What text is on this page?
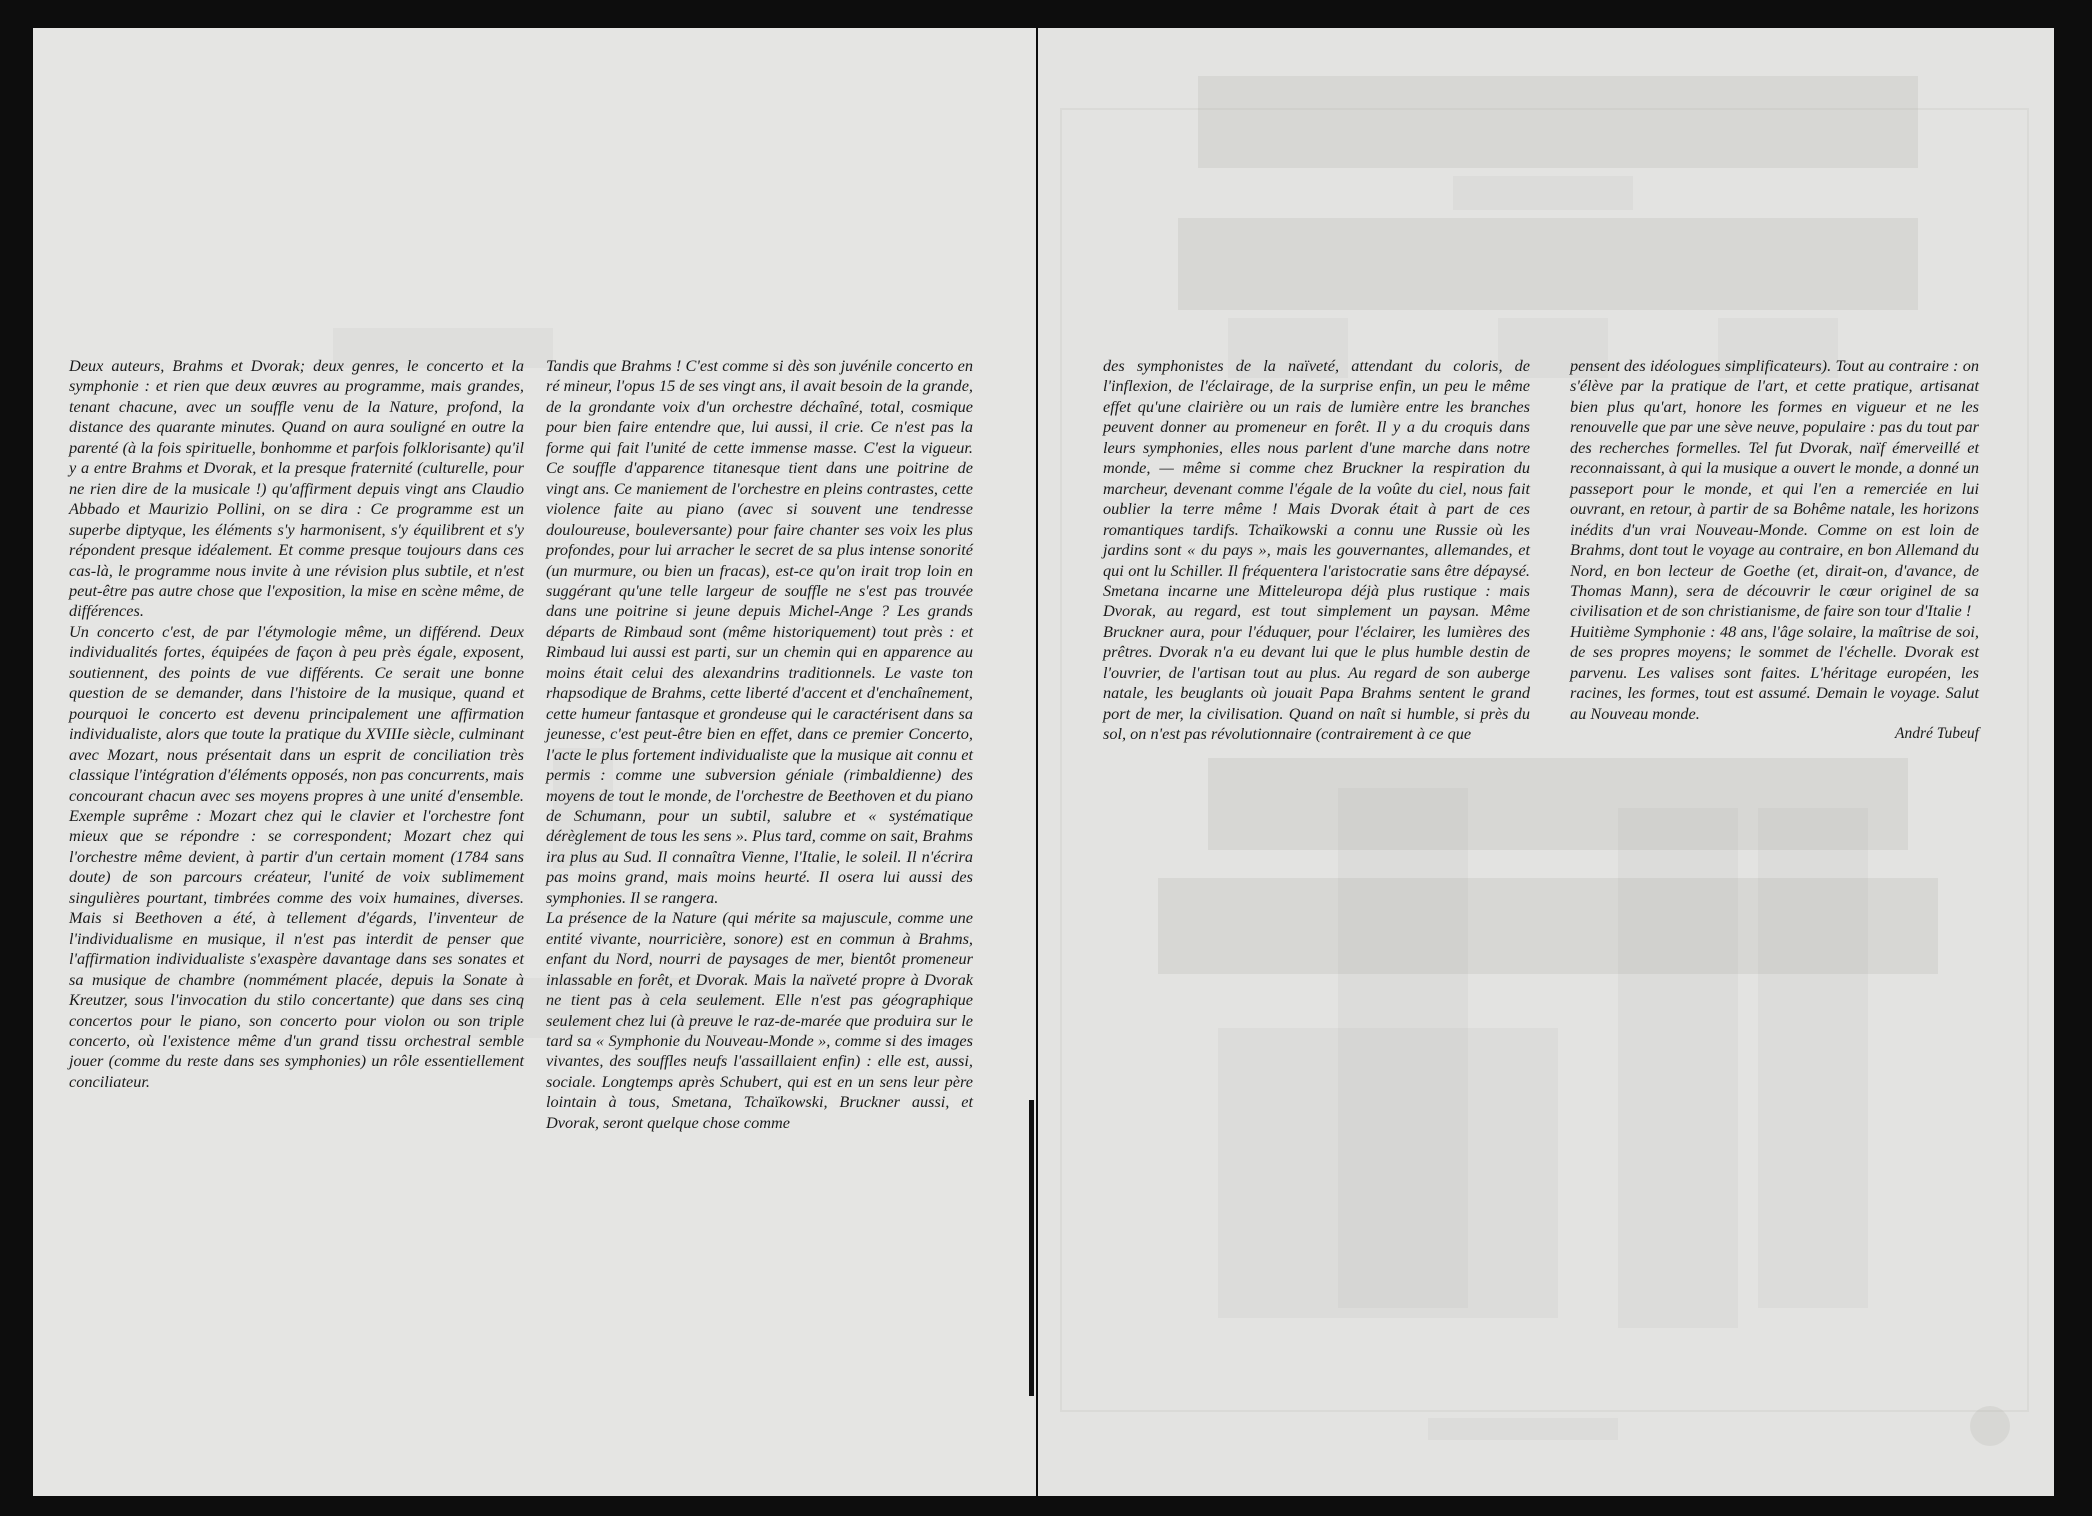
Deux auteurs, Brahms et Dvorak; deux genres, le concerto et la symphonie : et rien que deux œuvres au programme, mais grandes, tenant chacune, avec un souffle venu de la Nature, profond, la distance des quarante minutes. Quand on aura souligné en outre la parenté (à la fois spirituelle, bonhomme et parfois folklorisante) qu'il y a entre Brahms et Dvorak, et la presque fraternité (culturelle, pour ne rien dire de la musicale !) qu'affirment depuis vingt ans Claudio Abbado et Maurizio Pollini, on se dira : Ce programme est un superbe diptyque, les éléments s'y harmonisent, s'y équilibrent et s'y répondent presque idéalement. Et comme presque toujours dans ces cas-là, le programme nous invite à une révision plus subtile, et n'est peut-être pas autre chose que l'exposition, la mise en scène même, de différences.

Un concerto c'est, de par l'étymologie même, un différend. Deux individualités fortes, équipées de façon à peu près égale, exposent, soutiennent, des points de vue différents. Ce serait une bonne question de se demander, dans l'histoire de la musique, quand et pourquoi le concerto est devenu principalement une affirmation individualiste, alors que toute la pratique du XVIIIe siècle, culminant avec Mozart, nous présentait dans un esprit de conciliation très classique l'intégration d'éléments opposés, non pas concurrents, mais concourant chacun avec ses moyens propres à une unité d'ensemble. Exemple suprême : Mozart chez qui le clavier et l'orchestre font mieux que se répondre : se correspondent; Mozart chez qui l'orchestre même devient, à partir d'un certain moment (1784 sans doute) de son parcours créateur, l'unité de voix sublimement singulières pourtant, timbrées comme des voix humaines, diverses. Mais si Beethoven a été, à tellement d'égards, l'inventeur de l'individualisme en musique, il n'est pas interdit de penser que l'affirmation individualiste s'exaspère davantage dans ses sonates et sa musique de chambre (nommément placée, depuis la Sonate à Kreutzer, sous l'invocation du stilo concertante) que dans ses cinq concertos pour le piano, son concerto pour violon ou son triple concerto, où l'existence même d'un grand tissu orchestral semble jouer (comme du reste dans ses symphonies) un rôle essentiellement conciliateur.

Tandis que Brahms ! C'est comme si dès son juvénile concerto en ré mineur, l'opus 15 de ses vingt ans, il avait besoin de la grande, de la grondante voix d'un orchestre déchaîné, total, cosmique pour bien faire entendre que, lui aussi, il crie. Ce n'est pas la forme qui fait l'unité de cette immense masse. C'est la vigueur. Ce souffle d'apparence titanesque tient dans une poitrine de vingt ans. Ce maniement de l'orchestre en pleins contrastes, cette violence faite au piano (avec si souvent une tendresse douloureuse, bouleversante) pour faire chanter ses voix les plus profondes, pour lui arracher le secret de sa plus intense sonorité (un murmure, ou bien un fracas), est-ce qu'on irait trop loin en suggérant qu'une telle largeur de souffle ne s'est pas trouvée dans une poitrine si jeune depuis Michel-Ange ? Les grands départs de Rimbaud sont (même historiquement) tout près : et Rimbaud lui aussi est parti, sur un chemin qui en apparence au moins était celui des alexandrins traditionnels. Le vaste ton rhapsodique de Brahms, cette liberté d'accent et d'enchaînement, cette humeur fantasque et grondeuse qui le caractérisent dans sa jeunesse, c'est peut-être bien en effet, dans ce premier Concerto, l'acte le plus fortement individualiste que la musique ait connu et permis : comme une subversion géniale (rimbaldienne) des moyens de tout le monde, de l'orchestre de Beethoven et du piano de Schumann, pour un subtil, salubre et « systématique dérèglement de tous les sens ». Plus tard, comme on sait, Brahms ira plus au Sud. Il connaîtra Vienne, l'Italie, le soleil. Il n'écrira pas moins grand, mais moins heurté. Il osera lui aussi des symphonies. Il se rangera.

La présence de la Nature (qui mérite sa majuscule, comme une entité vivante, nourricière, sonore) est en commun à Brahms, enfant du Nord, nourri de paysages de mer, bientôt promeneur inlassable en forêt, et Dvorak. Mais la naïveté propre à Dvorak ne tient pas à cela seulement. Elle n'est pas géographique seulement chez lui (à preuve le raz-de-marée que produira sur le tard sa « Symphonie du Nouveau-Monde », comme si des images vivantes, des souffles neufs l'assaillaient enfin) : elle est, aussi, sociale. Longtemps après Schubert, qui est en un sens leur père lointain à tous, Smetana, Tchaïkowski, Bruckner aussi, et Dvorak, seront quelque chose comme

des symphonistes de la naïveté, attendant du coloris, de l'inflexion, de l'éclairage, de la surprise enfin, un peu le même effet qu'une clairière ou un rais de lumière entre les branches peuvent donner au promeneur en forêt. Il y a du croquis dans leurs symphonies, elles nous parlent d'une marche dans notre monde, — même si comme chez Bruckner la respiration du marcheur, devenant comme l'égale de la voûte du ciel, nous fait oublier la terre même ! Mais Dvorak était à part de ces romantiques tardifs. Tchaïkowski a connu une Russie où les jardins sont « du pays », mais les gouvernantes, allemandes, et qui ont lu Schiller. Il fréquentera l'aristocratie sans être dépaysé. Smetana incarne une Mitteleuropa déjà plus rustique : mais Dvorak, au regard, est tout simplement un paysan. Même Bruckner aura, pour l'éduquer, pour l'éclairer, les lumières des prêtres. Dvorak n'a eu devant lui que le plus humble destin de l'ouvrier, de l'artisan tout au plus. Au regard de son auberge natale, les beuglants où jouait Papa Brahms sentent le grand port de mer, la civilisation. Quand on naît si humble, si près du sol, on n'est pas révolutionnaire (contrairement à ce que

pensent des idéologues simplificateurs). Tout au contraire : on s'élève par la pratique de l'art, et cette pratique, artisanat bien plus qu'art, honore les formes en vigueur et ne les renouvelle que par une sève neuve, populaire : pas du tout par des recherches formelles. Tel fut Dvorak, naïf émerveillé et reconnaissant, à qui la musique a ouvert le monde, a donné un passeport pour le monde, et qui l'en a remerciée en lui ouvrant, en retour, à partir de sa Bohême natale, les horizons inédits d'un vrai Nouveau-Monde. Comme on est loin de Brahms, dont tout le voyage au contraire, en bon Allemand du Nord, en bon lecteur de Goethe (et, dirait-on, d'avance, de Thomas Mann), sera de découvrir le cœur originel de sa civilisation et de son christianisme, de faire son tour d'Italie !

Huitième Symphonie : 48 ans, l'âge solaire, la maîtrise de soi, de ses propres moyens; le sommet de l'échelle. Dvorak est parvenu. Les valises sont faites. L'héritage européen, les racines, les formes, tout est assumé. Demain le voyage. Salut au Nouveau monde.

André Tubeuf
